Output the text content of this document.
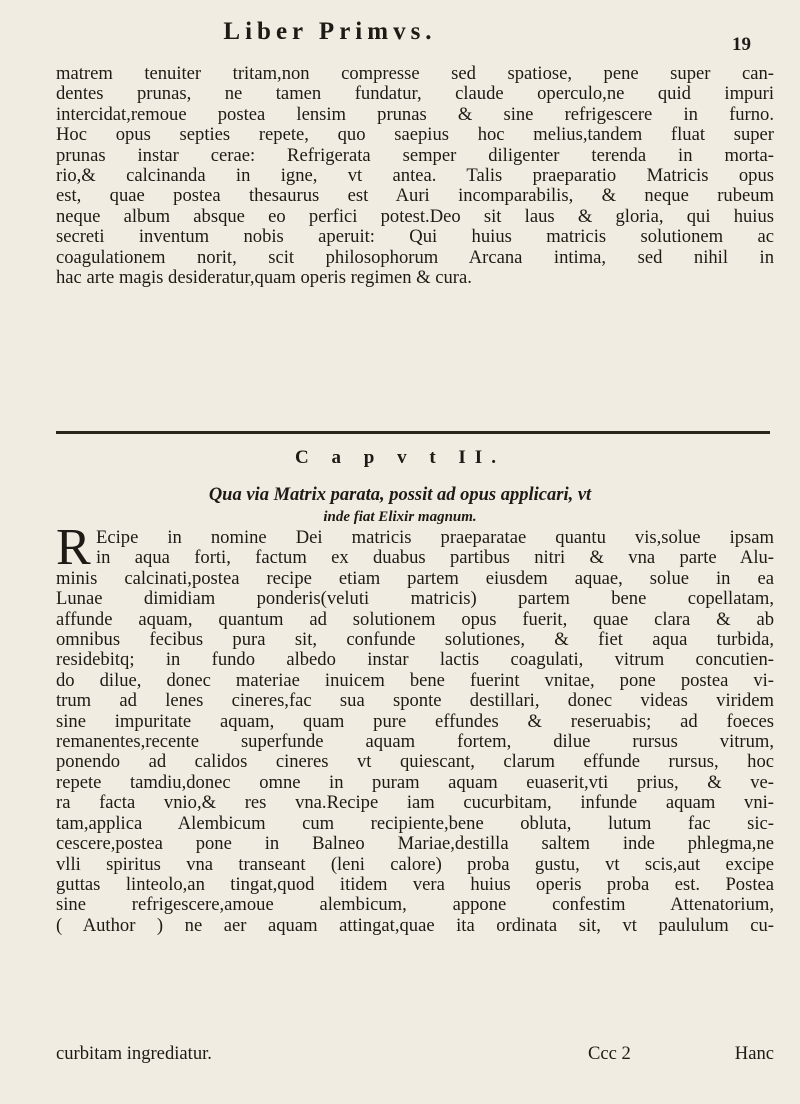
Liber Primvs.	19
matrem tenuiter tritam,non compresse sed spatiose, pene super can-
dentes prunas, ne tamen fundatur, claude operculo,ne quid impuri
intercidat,remoue postea lensim prunas & sine refrigescere in furno.
Hoc opus septies repete, quo saepius hoc melius,tandem fluat super
prunas instar cerae: Refrigerata semper diligenter terenda in morta-
rio,& calcinanda in igne, vt antea. Talis praeparatio Matricis opus
est, quae postea thesaurus est Auri incomparabilis, & neque rubeum
neque album absque eo perfici potest.Deo sit laus & gloria, qui huius
secreti inventum nobis aperuit: Qui huius matricis solutionem ac
coagulationem norit, scit philosophorum Arcana intima, sed nihil in
hac arte magis desideratur,quam operis regimen & cura.
C a p v t II.
Qua via Matrix parata, possit ad opus applicari, vt
inde fiat Elixir magnum.
R Ecipe in nomine Dei matricis praeparatae quantu vis,solue ipsam
in aqua forti, factum ex duabus partibus nitri & vna parte Alu-
minis calcinati,postea recipe etiam partem eiusdem aquae, solue in ea
Lunae dimidiam ponderis(veluti matricis) partem bene copellatam,
affunde aquam, quantum ad solutionem opus fuerit, quae clara & ab
omnibus fecibus pura sit, confunde solutiones, & fiet aqua turbida,
residebitq; in fundo albedo instar lactis coagulati, vitrum concutien-
do dilue, donec materiae inuicem bene fuerint vnitae, pone postea vi-
trum ad lenes cineres,fac sua sponte destillari, donec videas viridem
sine impuritate aquam, quam pure effundes & reseruabis; ad foeces
remanentes,recente superfunde aquam fortem, dilue rursus vitrum,
ponendo ad calidos cineres vt quiescant, clarum effunde rursus, hoc
repete tamdiu,donec omne in puram aquam euaserit,vti prius, & ve-
ra facta vnio,& res vna.Recipe iam cucurbitam, infunde aquam vni-
tam,applica Alembicum cum recipiente,bene obluta, lutum fac sic-
cescere,postea pone in Balneo Mariae,destilla saltem inde phlegma,ne
vlli spiritus vna transeant (leni calore) proba gustu, vt scis,aut excipe
guttas linteolo,an tingat,quod itidem vera huius operis proba est. Postea
sine refrigescere,amoue alembicum, appone confestim Attenatorium,
( Author ) ne aer aquam attingat,quae ita ordinata sit, vt paululum cu-
curbitam ingrediatur.	Ccc 2	Hanc
